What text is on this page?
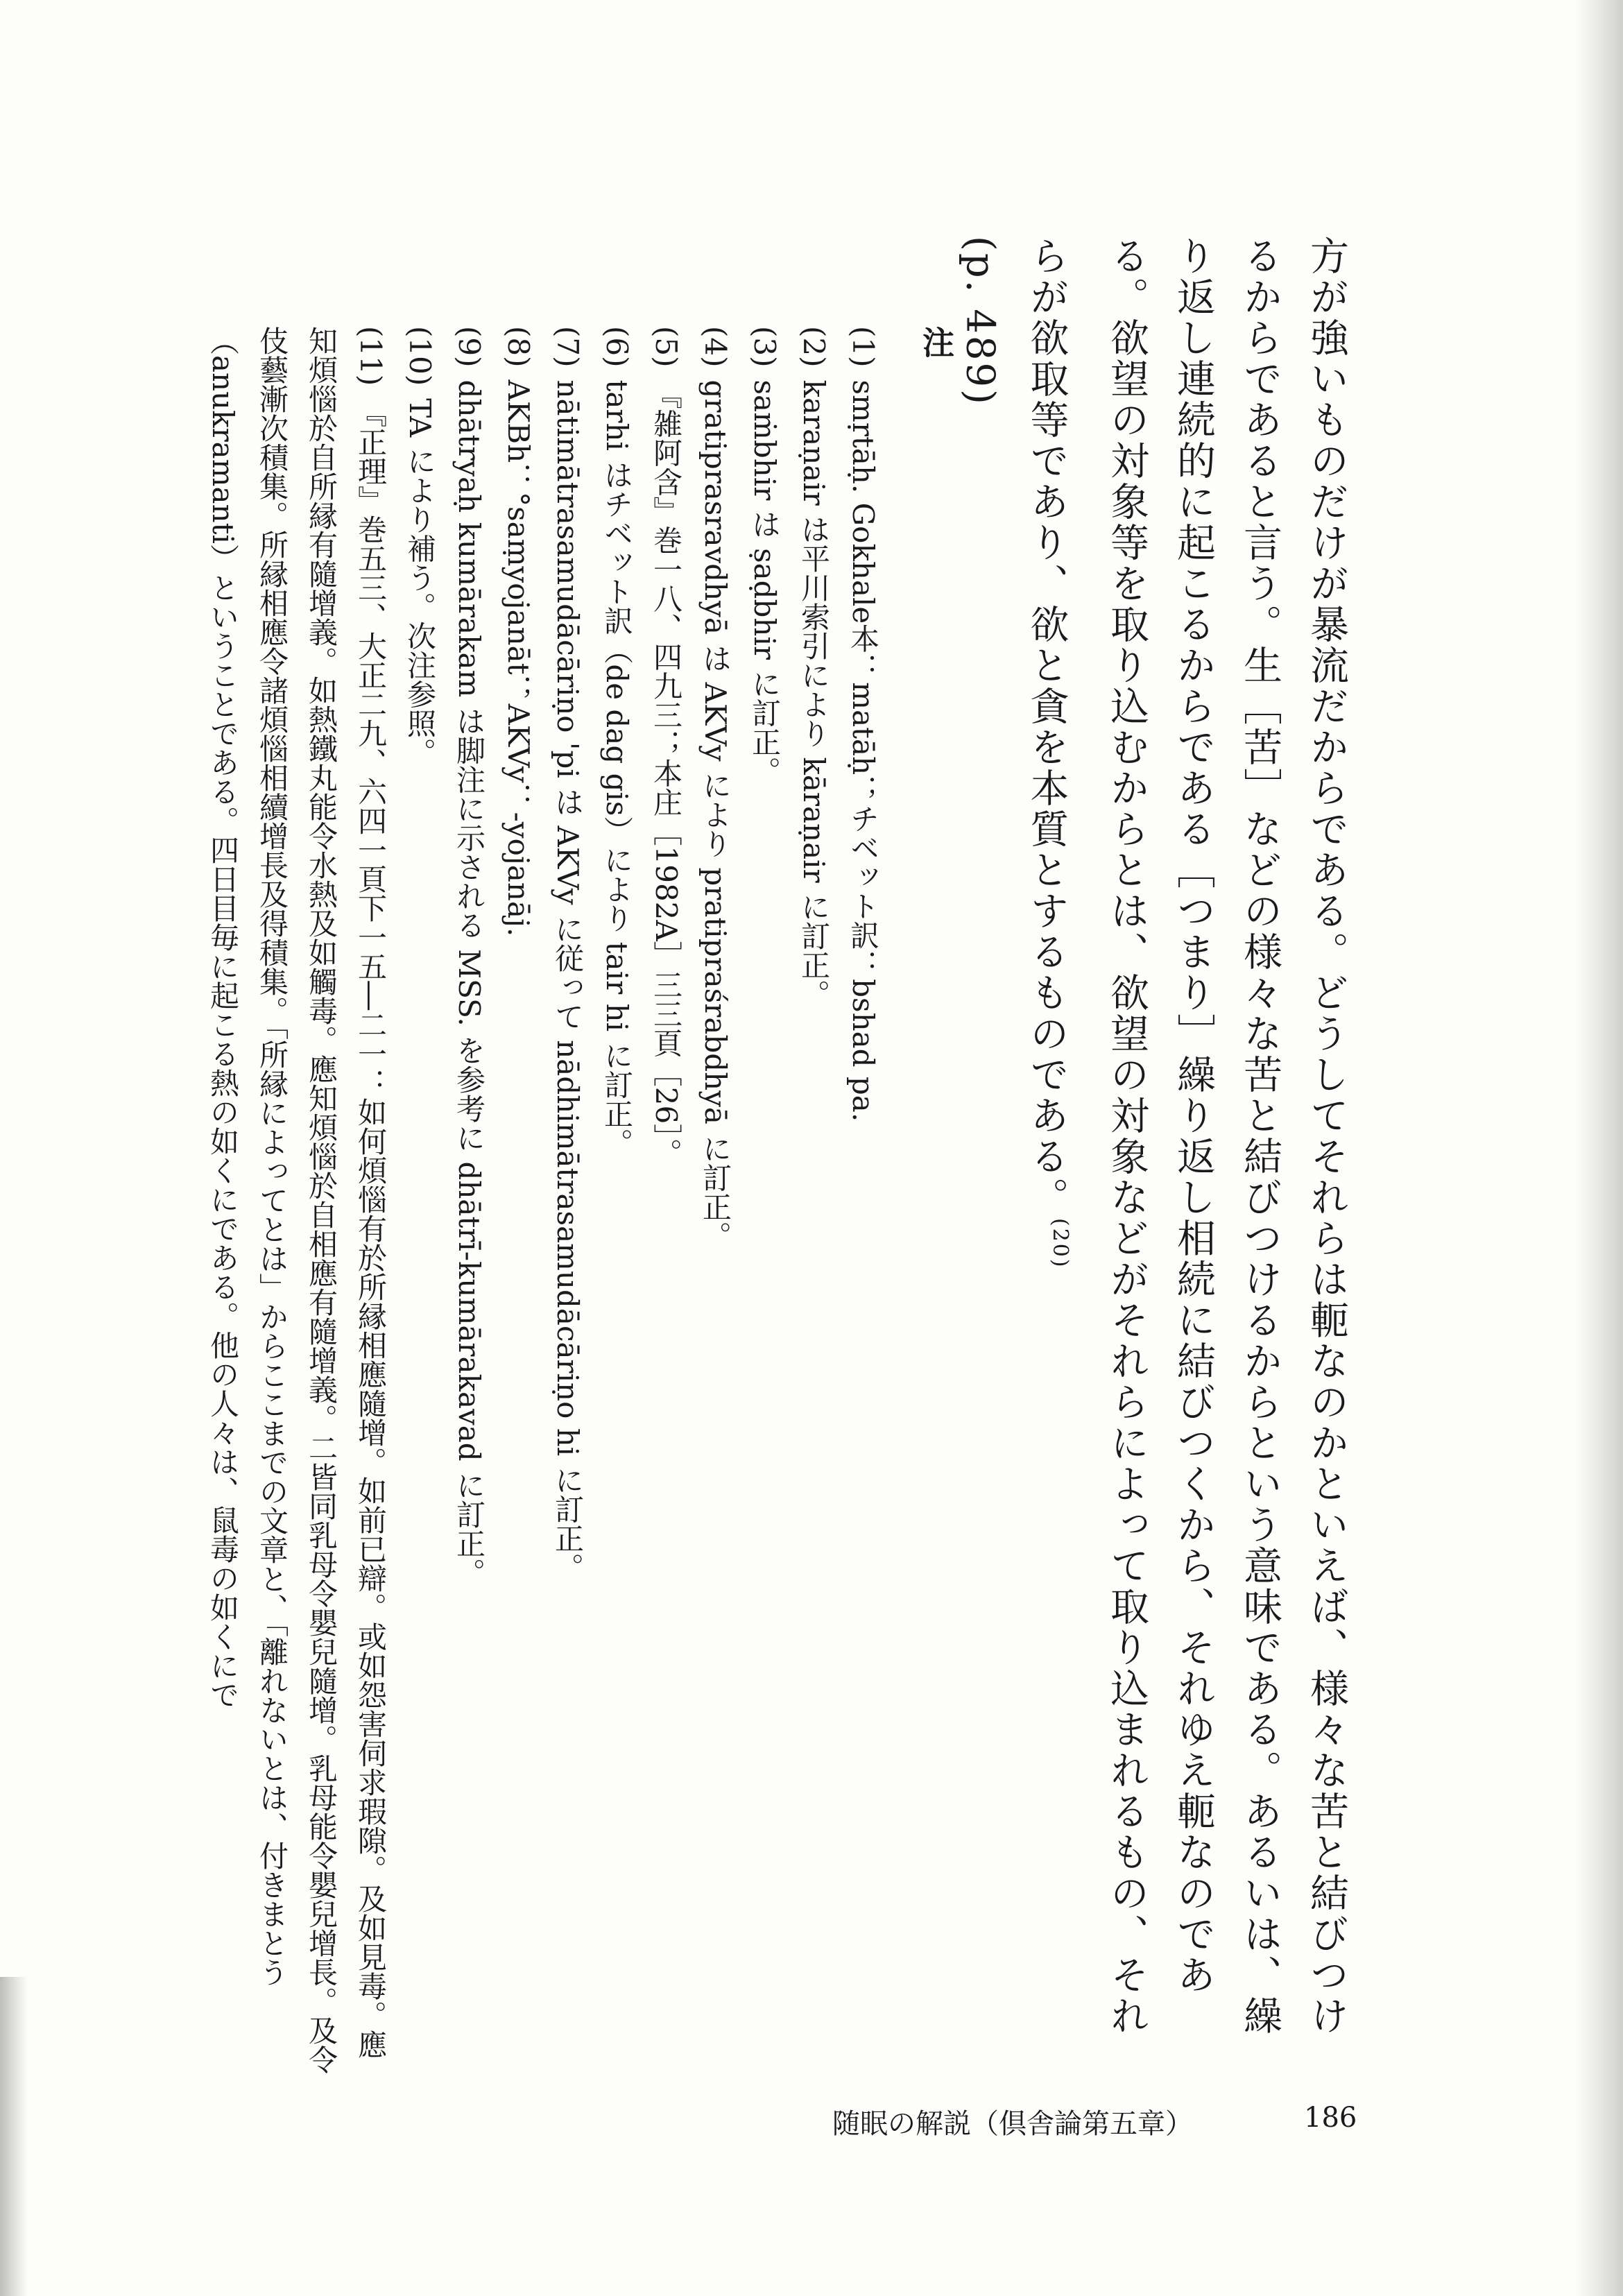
方が強いものだけが暴流だからである。どうしてそれらは軛なのかといえば、様々な苦と結びつけるからであると言う。生［苦］などの様々な苦と結びつけるからという意味である。あるいは、繰り返し連続的に起こるからである［つまり］繰り返し相続に結びつくから、それゆえ軛なのである。欲望の対象等を取り込むからとは、欲望の対象などがそれらによって取り込まれるもの、それらが欲取等であり、欲と貪を本質とするものである。$^{(20)}$

(p. 489)

注

(1)smṛtāḥ. Gokhale本：matāḥ；チベット訳：bshad pa.

(2)karaṇair は平川索引により kāraṇair に訂正。

(3)saṁbhir は ṣaḍbhir に訂正。

(4)gratiprasravdhyā は AKVy により pratipraśrabdhyā に訂正。

(5)『雑阿含』巻一八、四九三；本庄［1982A］三三頁［26］。

(6)tarhi はチベット訳（de dag gis）により tair hi に訂正。

(7)nātimātrasamudācāriṇo 'pi は AKVy に従って nādhimātrasamudācāriṇo hi に訂正。

(8)AKBh：°saṃyojanāt；AKVy：-yojanāj.

(9)dhātryaḥ kumārakam は脚注に示される MSS. を参考に dhātrī-kumārakavad に訂正。

(10)TA により補う。次注参照。

(11)『正理』巻五三、大正二九、六四一頁下一五―二一：如何煩惱有於所縁相應隨增。如前已辯。或如怨害伺求瑕隙。及如見毒。應知煩惱於自所縁有隨增義。如熱鐵丸能令水熱及如觸毒。應知煩惱於自相應有隨增義。二皆同乳母令嬰兒隨增。乳母能令嬰兒增長。及令伎藝漸次積集。所縁相應令諸煩惱相續增長及得積集。「所縁によってとは」からここまでの文章と、「離れないとは、付きまとう（anukramanti）ということである。四日目毎に起こる熱の如くにである。他の人々は、鼠毒の如くにで

随眠の解説（倶舎論第五章）	186
